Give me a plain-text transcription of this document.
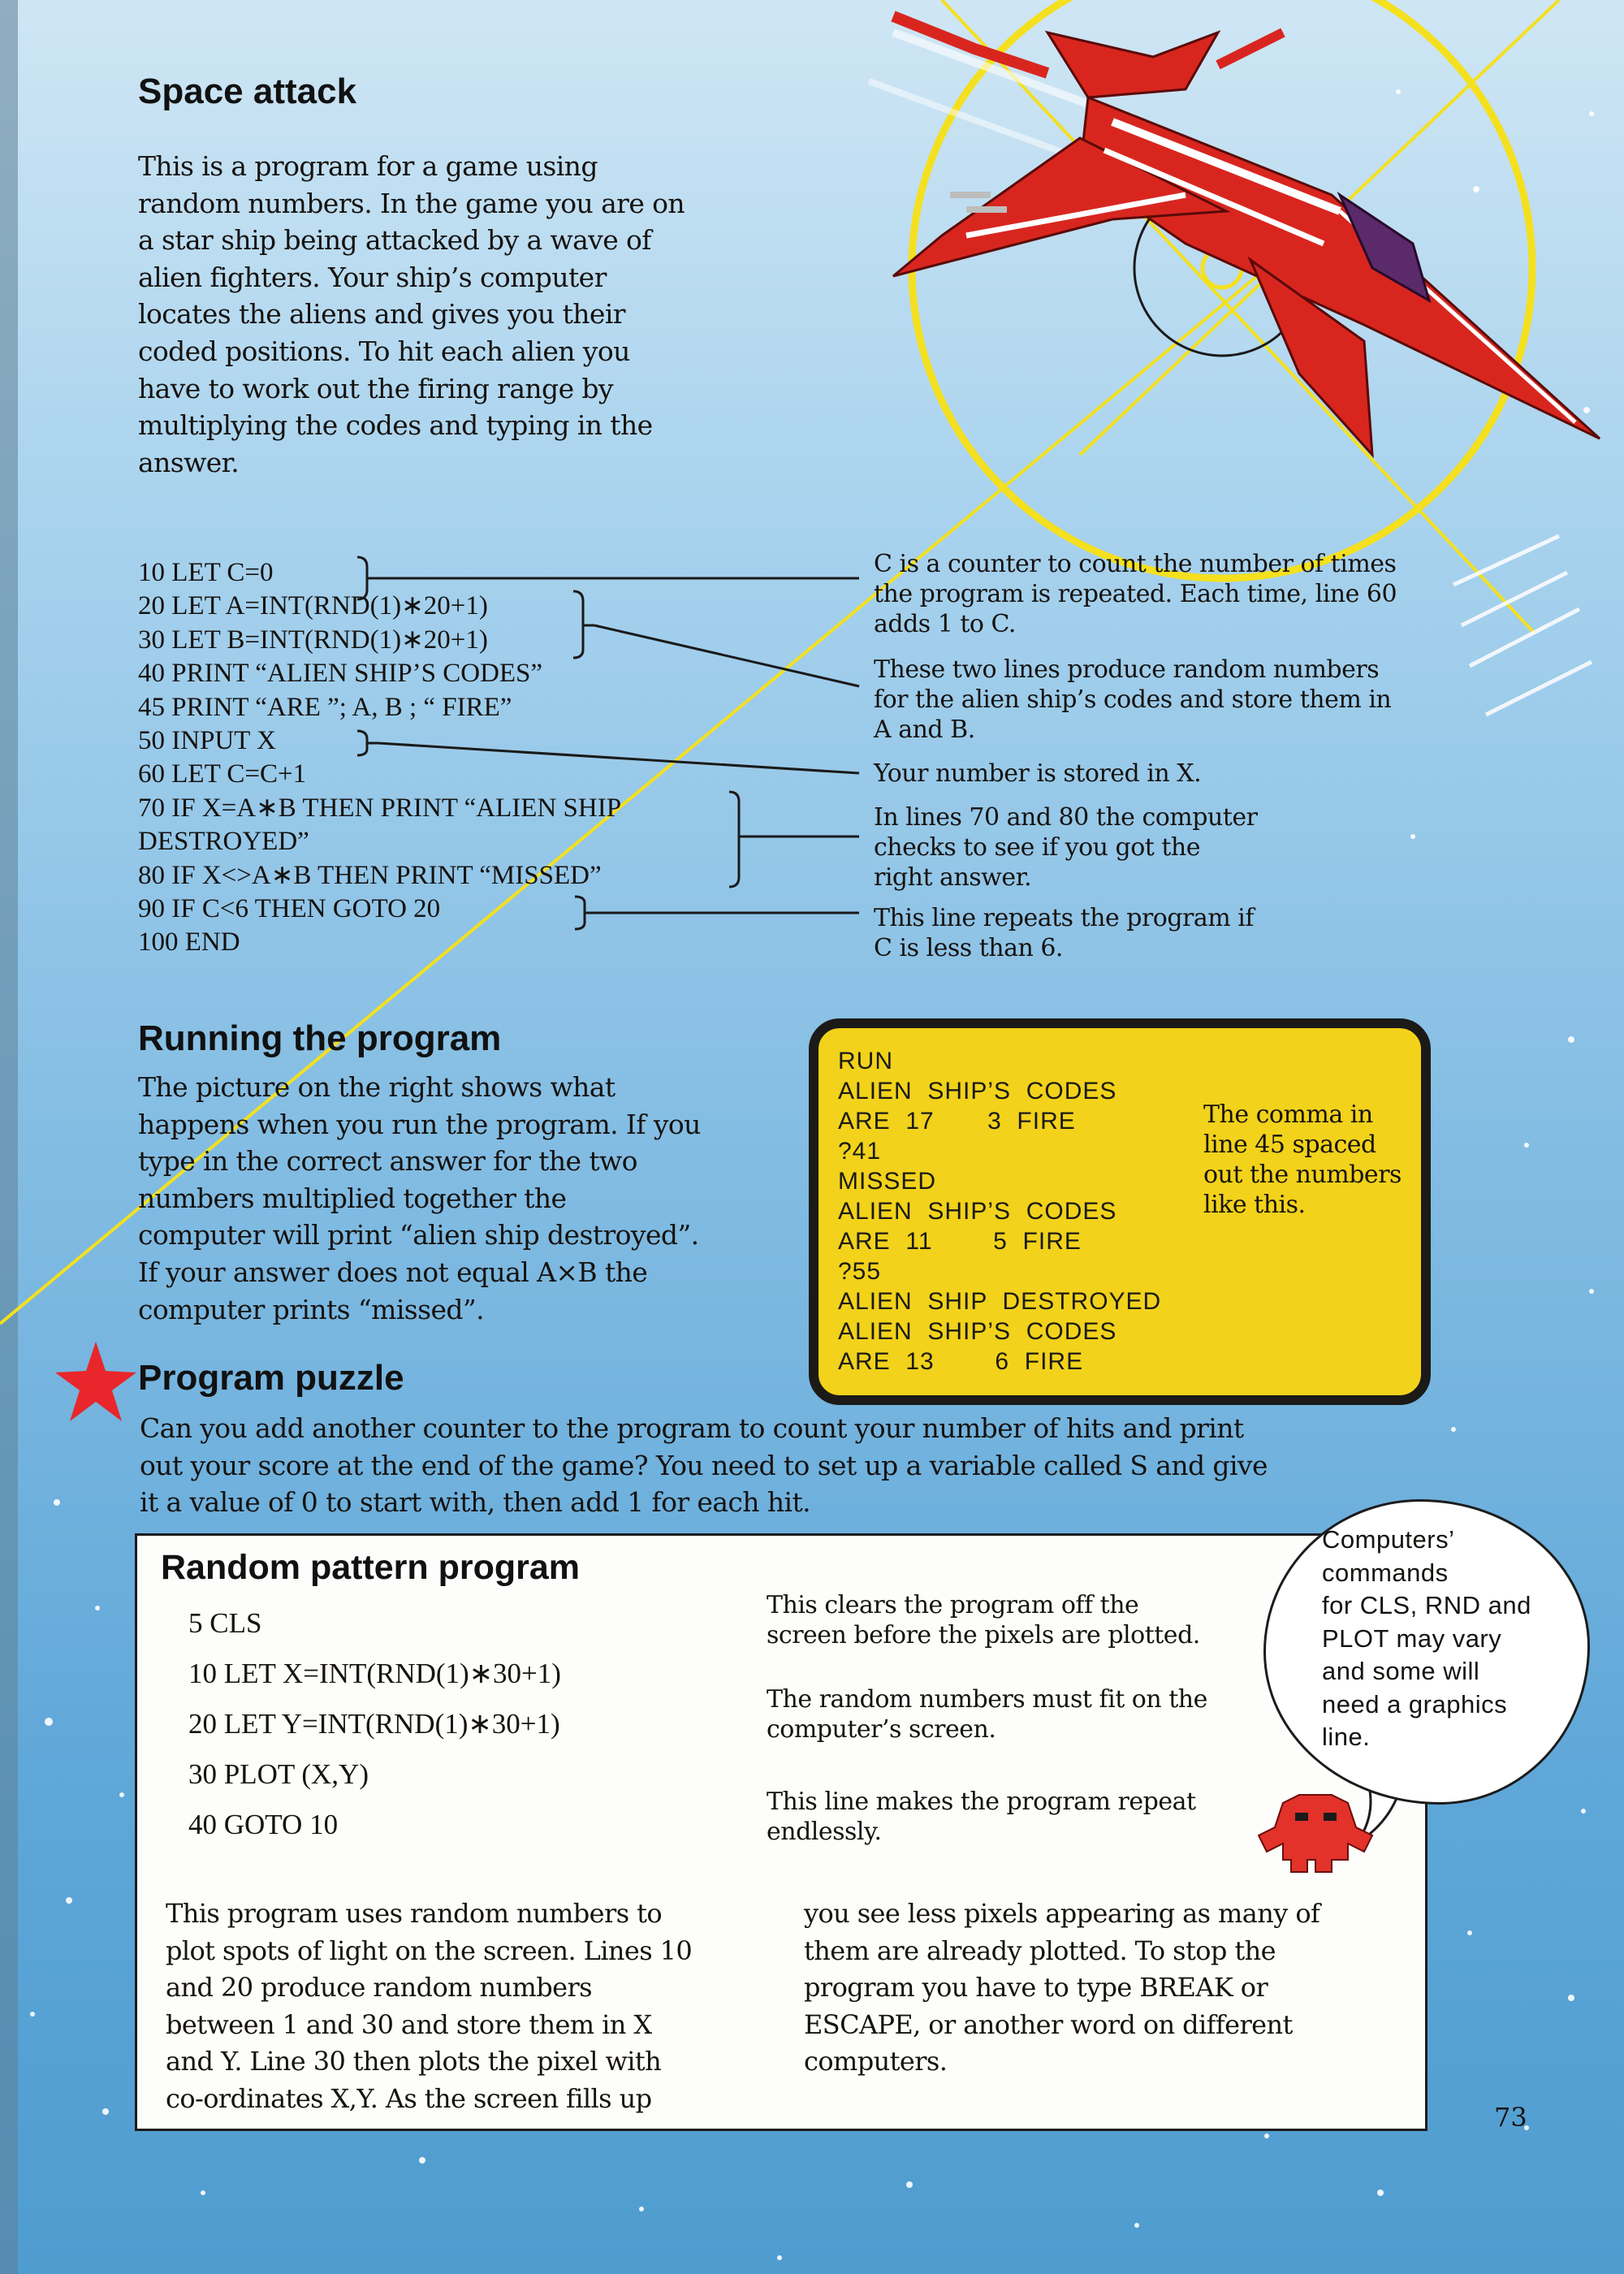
Space attack
This is a program for a game using
random numbers. In the game you are on
a star ship being attacked by a wave of
alien fighters. Your ship’s computer
locates the aliens and gives you their
coded positions. To hit each alien you
have to work out the firing range by
multiplying the codes and typing in the
answer.
10 LET C=0
20 LET A=INT(RND(1)∗20+1)
30 LET B=INT(RND(1)∗20+1)
40 PRINT “ALIEN SHIP’S CODES”
45 PRINT “ARE ”; A, B ; “ FIRE”
50 INPUT X
60 LET C=C+1
70 IF X=A∗B THEN PRINT “ALIEN SHIP
DESTROYED”
80 IF X<>A∗B THEN PRINT “MISSED”
90 IF C<6 THEN GOTO 20
100 END
C is a counter to count the number of times
the program is repeated. Each time, line 60
adds 1 to C.
These two lines produce random numbers
for the alien ship’s codes and store them in
A and B.
Your number is stored in X.
In lines 70 and 80 the computer
checks to see if you got the
right answer.
This line repeats the program if
C is less than 6.
Running the program
The picture on the right shows what
happens when you run the program. If you
type in the correct answer for the two
numbers multiplied together the
computer will print “alien ship destroyed”.
If your answer does not equal A×B the
computer prints “missed”.
RUN
ALIEN  SHIP’S  CODES
ARE  17       3  FIRE
?41
MISSED
ALIEN  SHIP’S  CODES
ARE  11        5  FIRE
?55
ALIEN  SHIP  DESTROYED
ALIEN  SHIP’S  CODES
ARE  13        6  FIRE
The comma in
line 45 spaced
out the numbers
like this.
Program puzzle
Can you add another counter to the program to count your number of hits and print
out your score at the end of the game? You need to set up a variable called S and give
it a value of 0 to start with, then add 1 for each hit.
Random pattern program
5 CLS
10 LET X=INT(RND(1)∗30+1)
20 LET Y=INT(RND(1)∗30+1)
30 PLOT (X,Y)
40 GOTO 10
This clears the program off the
screen before the pixels are plotted.
The random numbers must fit on the
computer’s screen.
This line makes the program repeat
endlessly.
This program uses random numbers to
plot spots of light on the screen. Lines 10
and 20 produce random numbers
between 1 and 30 and store them in X
and Y. Line 30 then plots the pixel with
co-ordinates X,Y. As the screen fills up
you see less pixels appearing as many of
them are already plotted. To stop the
program you have to type BREAK or
ESCAPE, or another word on different
computers.
Computers’
commands
for CLS, RND and
PLOT may vary
and some will
need a graphics
line.
73
